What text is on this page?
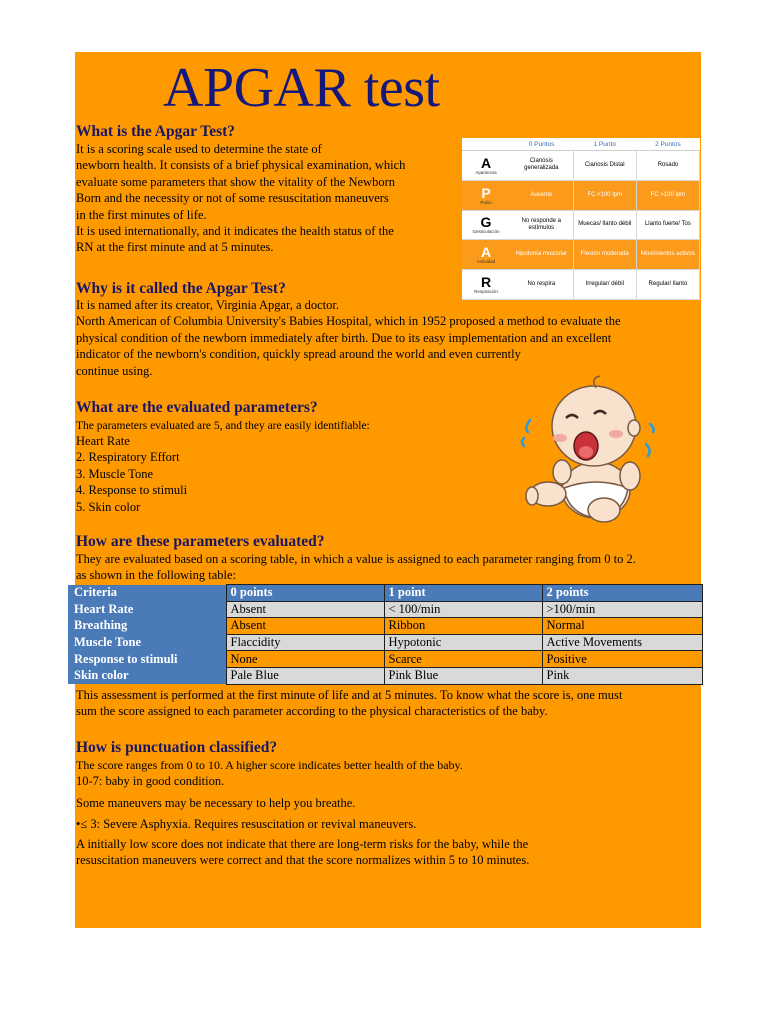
APGAR test
What is the Apgar Test?

It is a scoring scale used to determine the state of
newborn health. It consists of a brief physical examination, which
evaluate some parameters that show the vitality of the Newborn
Born and the necessity or not of some resuscitation maneuvers
in the first minutes of life.
It is used internationally, and it indicates the health status of the
RN at the first minute and at 5 minutes.

	0 Puntos	1 Punto	2 Puntos

A
Apariencia	Cianosis generalizada	Cianosis Distal	Rosado

P
Pulso	Ausente	FC <100 lpm	FC >100 lpm

G
Gesticulación	No responde a estímulos	Muecas/ llanto débil	Llanto fuerte/ Tos

A
Actividad	Hipotonía muscular	Flexión moderada	Movimientos activos

R
Respiración	No respira	Irregular/ débil	Regular/ llanto
Why is it called the Apgar Test?

It is named after its creator, Virginia Apgar, a doctor.
North American of Columbia University's Babies Hospital, which in 1952 proposed a method to evaluate the
physical condition of the newborn immediately after birth. Due to its easy implementation and an excellent
indicator of the newborn's condition, quickly spread around the world and even currently
continue using.

What are the evaluated parameters?

The parameters evaluated are 5, and they are easily identifiable:

Heart Rate
2. Respiratory Effort
3. Muscle Tone
4. Response to stimuli
5. Skin color
How are these parameters evaluated?

They are evaluated based on a scoring table, in which a value is assigned to each parameter ranging from 0 to 2.
as shown in the following table:

Criteria	0 points	1 point	2 points
Heart Rate	Absent	< 100/min	>100/min
Breathing	Absent	Ribbon	Normal
Muscle Tone	Flaccidity	Hypotonic	Active Movements
Response to stimuli	None	Scarce	Positive
Skin color	Pale Blue	Pink Blue	Pink

This assessment is performed at the first minute of life and at 5 minutes. To know what the score is, one must
sum the score assigned to each parameter according to the physical characteristics of the baby.

How is punctuation classified?

The score ranges from 0 to 10. A higher score indicates better health of the baby.

10-7: baby in good condition.

Some maneuvers may be necessary to help you breathe.

•≤ 3: Severe Asphyxia. Requires resuscitation or revival maneuvers.

A initially low score does not indicate that there are long-term risks for the baby, while the
resuscitation maneuvers were correct and that the score normalizes within 5 to 10 minutes.
